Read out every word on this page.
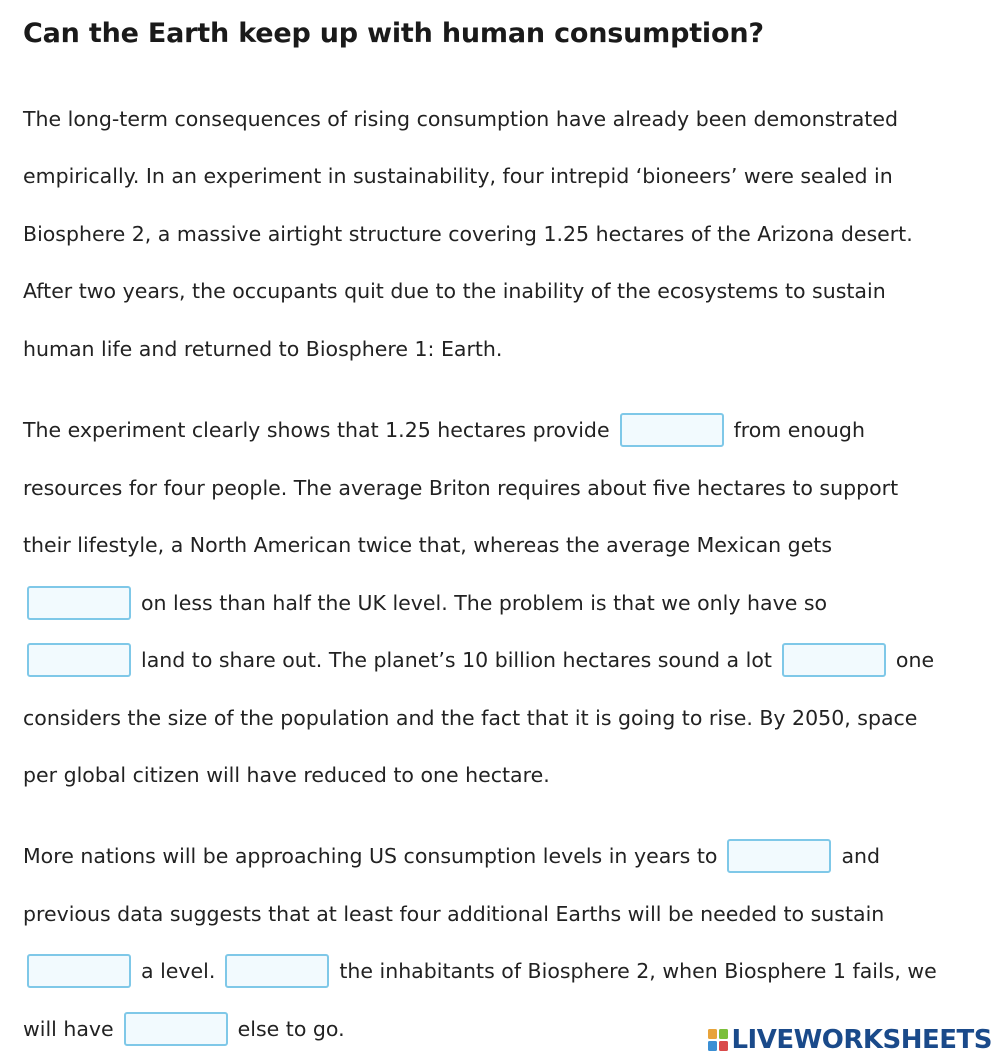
Can the Earth keep up with human consumption?
The long-term consequences of rising consumption have already been demonstrated
empirically. In an experiment in sustainability, four intrepid ‘bioneers’ were sealed in
Biosphere 2, a massive airtight structure covering 1.25 hectares of the Arizona desert.
After two years, the occupants quit due to the inability of the ecosystems to sustain
human life and returned to Biosphere 1: Earth.
The experiment clearly shows that 1.25 hectares provide	from enough
resources for four people. The average Briton requires about five hectares to support
their lifestyle, a North American twice that, whereas the average Mexican gets
on less than half the UK level. The problem is that we only have so
land to share out. The planet’s 10 billion hectares sound a lot	one
considers the size of the population and the fact that it is going to rise. By 2050, space
per global citizen will have reduced to one hectare.
More nations will be approaching US consumption levels in years to	and
previous data suggests that at least four additional Earths will be needed to sustain
a level.	the inhabitants of Biosphere 2, when Biosphere 1 fails, we
will have	else to go.	LIVEWORKSHEETS
